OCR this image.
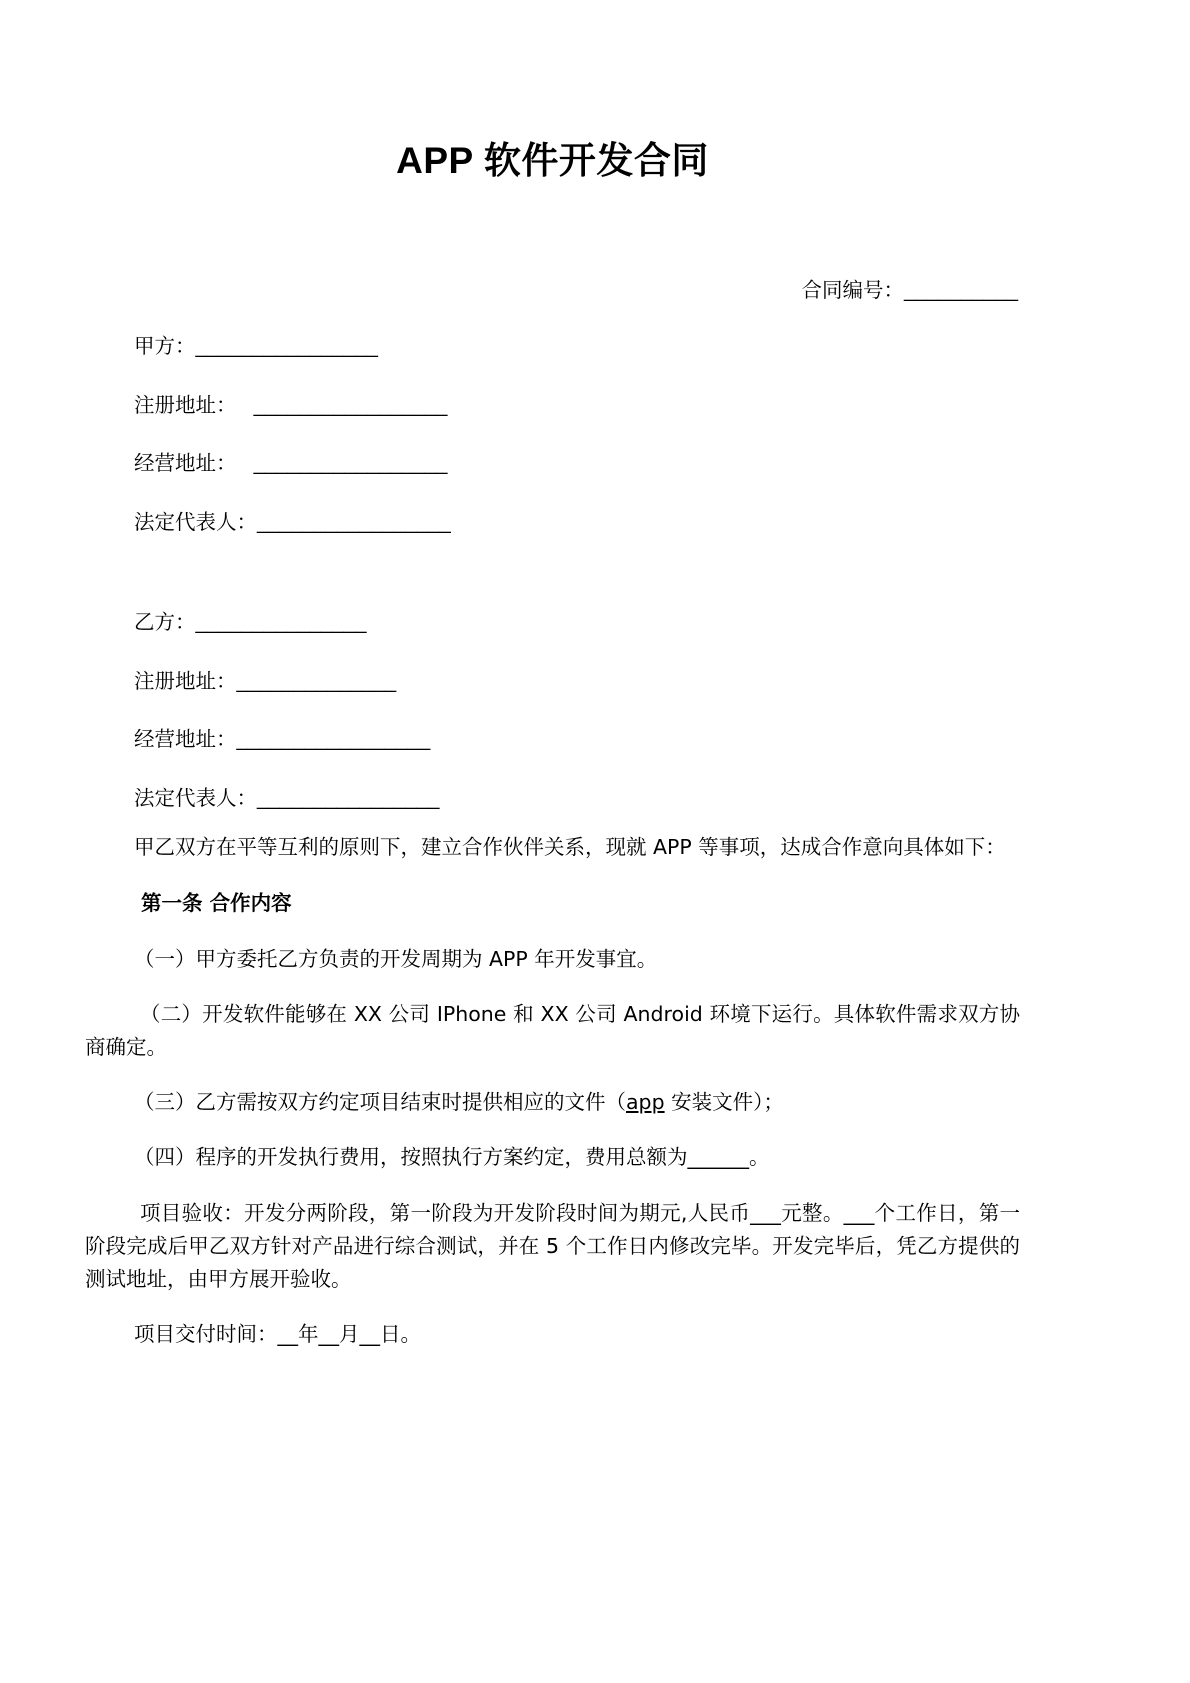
APP 软件开发合同
合同编号：__________
甲方：________________
注册地址：   _________________
经营地址：   _________________
法定代表人：_________________
乙方：_______________
注册地址：______________
经营地址：_________________
法定代表人：________________

甲乙双方在平等互利的原则下，建立合作伙伴关系，现就 APP 等事项，达成合作意向具体如下：

第一条 合作内容

（一）甲方委托乙方负责的开发周期为 APP 年开发事宜。

（二）开发软件能够在 XX 公司 IPhone 和 XX 公司 Android 环境下运行。具体软件需求双方协商确定。

（三）乙方需按双方约定项目结束时提供相应的文件（app 安装文件）；

（四）程序的开发执行费用，按照执行方案约定，费用总额为______。

项目验收：开发分两阶段，第一阶段为开发阶段时间为期元,人民币___元整。___个工作日，第一阶段完成后甲乙双方针对产品进行综合测试，并在 5 个工作日内修改完毕。开发完毕后，凭乙方提供的测试地址，由甲方展开验收。

项目交付时间：__年__月__日。
